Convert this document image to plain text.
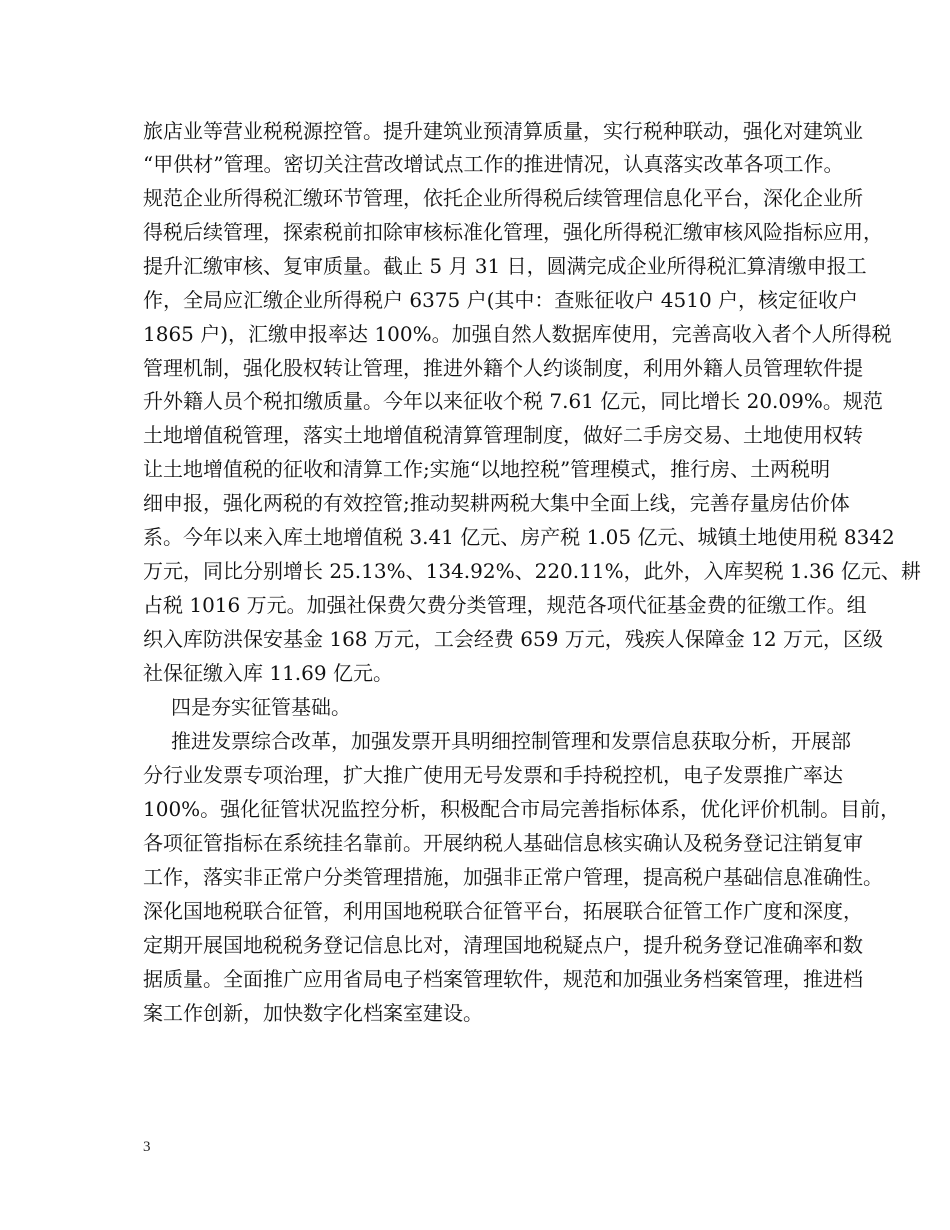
旅店业等营业税税源控管。提升建筑业预清算质量，实行税种联动，强化对建筑业
“甲供材”管理。密切关注营改增试点工作的推进情况，认真落实改革各项工作。
规范企业所得税汇缴环节管理，依托企业所得税后续管理信息化平台，深化企业所
得税后续管理，探索税前扣除审核标准化管理，强化所得税汇缴审核风险指标应用，
提升汇缴审核、复审质量。截止 5 月 31 日，圆满完成企业所得税汇算清缴申报工
作，全局应汇缴企业所得税户 6375 户(其中：查账征收户 4510 户，核定征收户
1865 户)，汇缴申报率达 100%。加强自然人数据库使用，完善高收入者个人所得税
管理机制，强化股权转让管理，推进外籍个人约谈制度，利用外籍人员管理软件提
升外籍人员个税扣缴质量。今年以来征收个税 7.61 亿元，同比增长 20.09%。规范
土地增值税管理，落实土地增值税清算管理制度，做好二手房交易、土地使用权转
让土地增值税的征收和清算工作;实施“以地控税”管理模式，推行房、土两税明
细申报，强化两税的有效控管;推动契耕两税大集中全面上线，完善存量房估价体
系。今年以来入库土地增值税 3.41 亿元、房产税 1.05 亿元、城镇土地使用税 8342
万元，同比分别增长 25.13%、134.92%、220.11%，此外，入库契税 1.36 亿元、耕
占税 1016 万元。加强社保费欠费分类管理，规范各项代征基金费的征缴工作。组
织入库防洪保安基金 168 万元，工会经费 659 万元，残疾人保障金 12 万元，区级
社保征缴入库 11.69 亿元。
四是夯实征管基础。
推进发票综合改革，加强发票开具明细控制管理和发票信息获取分析，开展部
分行业发票专项治理，扩大推广使用无号发票和手持税控机，电子发票推广率达
100%。强化征管状况监控分析，积极配合市局完善指标体系，优化评价机制。目前，
各项征管指标在系统挂名靠前。开展纳税人基础信息核实确认及税务登记注销复审
工作，落实非正常户分类管理措施，加强非正常户管理，提高税户基础信息准确性。
深化国地税联合征管，利用国地税联合征管平台，拓展联合征管工作广度和深度，
定期开展国地税税务登记信息比对，清理国地税疑点户，提升税务登记准确率和数
据质量。全面推广应用省局电子档案管理软件，规范和加强业务档案管理，推进档
案工作创新，加快数字化档案室建设。
3
